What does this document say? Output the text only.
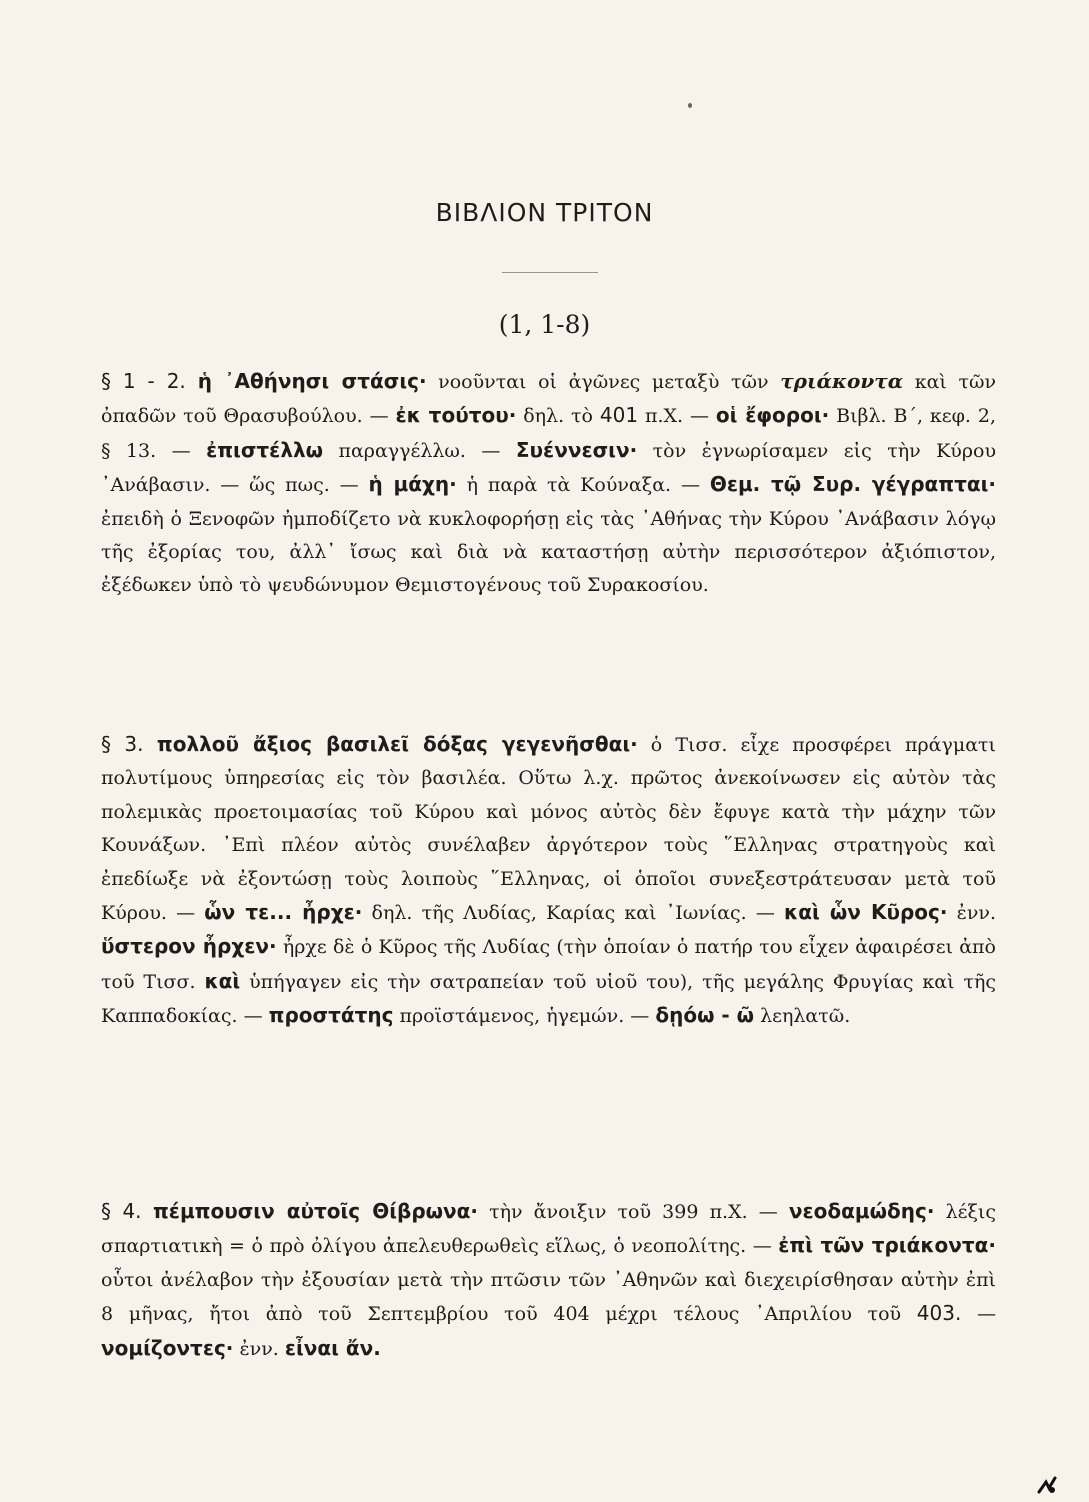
ΒΙΒΛΙΟΝ ΤΡΙΤΟΝ
(1, 1-8)

§ 1 - 2. ἡ ᾿Αθήνησι στάσις· νοοῦνται οἱ ἀγῶνες μεταξὺ τῶν τριάκοντα καὶ τῶν ὀπαδῶν τοῦ Θρασυβούλου. — ἐκ τούτου· δηλ. τὸ 401 π.Χ. — οἱ ἔφοροι· Βιβλ. Β΄, κεφ. 2, § 13. — ἐπιστέλλω παραγγέλλω. — Συέννεσιν· τὸν ἐγνωρίσαμεν εἰς τὴν Κύρου ᾿Ανάβασιν. — ὥς πως. — ἡ μάχη· ἡ παρὰ τὰ Κούναξα. — Θεμ. τῷ Συρ. γέγραπται· ἐπειδὴ ὁ Ξενοφῶν ἠμποδίζετο νὰ κυκλοφορήσῃ εἰς τὰς ᾿Αθήνας τὴν Κύρου ᾿Ανάβασιν λόγῳ τῆς ἐξορίας του, ἀλλ᾿ ἴσως καὶ διὰ νὰ καταστήσῃ αὐτὴν περισσότερον ἀξιόπιστον, ἐξέδωκεν ὑπὸ τὸ ψευδώνυμον Θεμιστογένους τοῦ Συρακοσίου.

§ 3. πολλοῦ ἄξιος βασιλεῖ δόξας γεγενῆσθαι· ὁ Τισσ. εἶχε προσφέρει πράγματι πολυτίμους ὑπηρεσίας εἰς τὸν βασιλέα. Οὕτω λ.χ. πρῶτος ἀνεκοίνωσεν εἰς αὐτὸν τὰς πολεμικὰς προετοιμασίας τοῦ Κύρου καὶ μόνος αὐτὸς δὲν ἔφυγε κατὰ τὴν μάχην τῶν Κουνάξων. ᾿Επὶ πλέον αὐτὸς συνέλαβεν ἀργότερον τοὺς ῞Ελληνας στρατηγοὺς καὶ ἐπεδίωξε νὰ ἐξοντώσῃ τοὺς λοιποὺς ῞Ελληνας, οἱ ὁποῖοι συνεξεστράτευσαν μετὰ τοῦ Κύρου. — ὧν τε... ἦρχε· δηλ. τῆς Λυδίας, Καρίας καὶ ᾿Ιωνίας. — καὶ ὧν Κῦρος· ἐνν. ὕστερον ἦρχεν· ἦρχε δὲ ὁ Κῦρος τῆς Λυδίας (τὴν ὁποίαν ὁ πατήρ του εἶχεν ἀφαιρέσει ἀπὸ τοῦ Τισσ. καὶ ὑπήγαγεν εἰς τὴν σατραπείαν τοῦ υἱοῦ του), τῆς μεγάλης Φρυγίας καὶ τῆς Καππαδοκίας. — προστάτης προϊστάμενος, ἡγεμών. — δῃόω - ῶ λεηλατῶ.

§ 4. πέμπουσιν αὐτοῖς Θίβρωνα· τὴν ἄνοιξιν τοῦ 399 π.Χ. — νεοδαμώδης· λέξις σπαρτιατικὴ = ὁ πρὸ ὀλίγου ἀπελευθερωθεὶς εἵλως, ὁ νεοπολίτης. — ἐπὶ τῶν τριάκοντα· οὗτοι ἀνέλαβον τὴν ἐξουσίαν μετὰ τὴν πτῶσιν τῶν ᾿Αθηνῶν καὶ διεχειρίσθησαν αὐτὴν ἐπὶ 8 μῆνας, ἤτοι ἀπὸ τοῦ Σεπτεμβρίου τοῦ 404 μέχρι τέλους ᾿Απριλίου τοῦ 403. — νομίζοντες· ἐνν. εἶναι ἄν.
